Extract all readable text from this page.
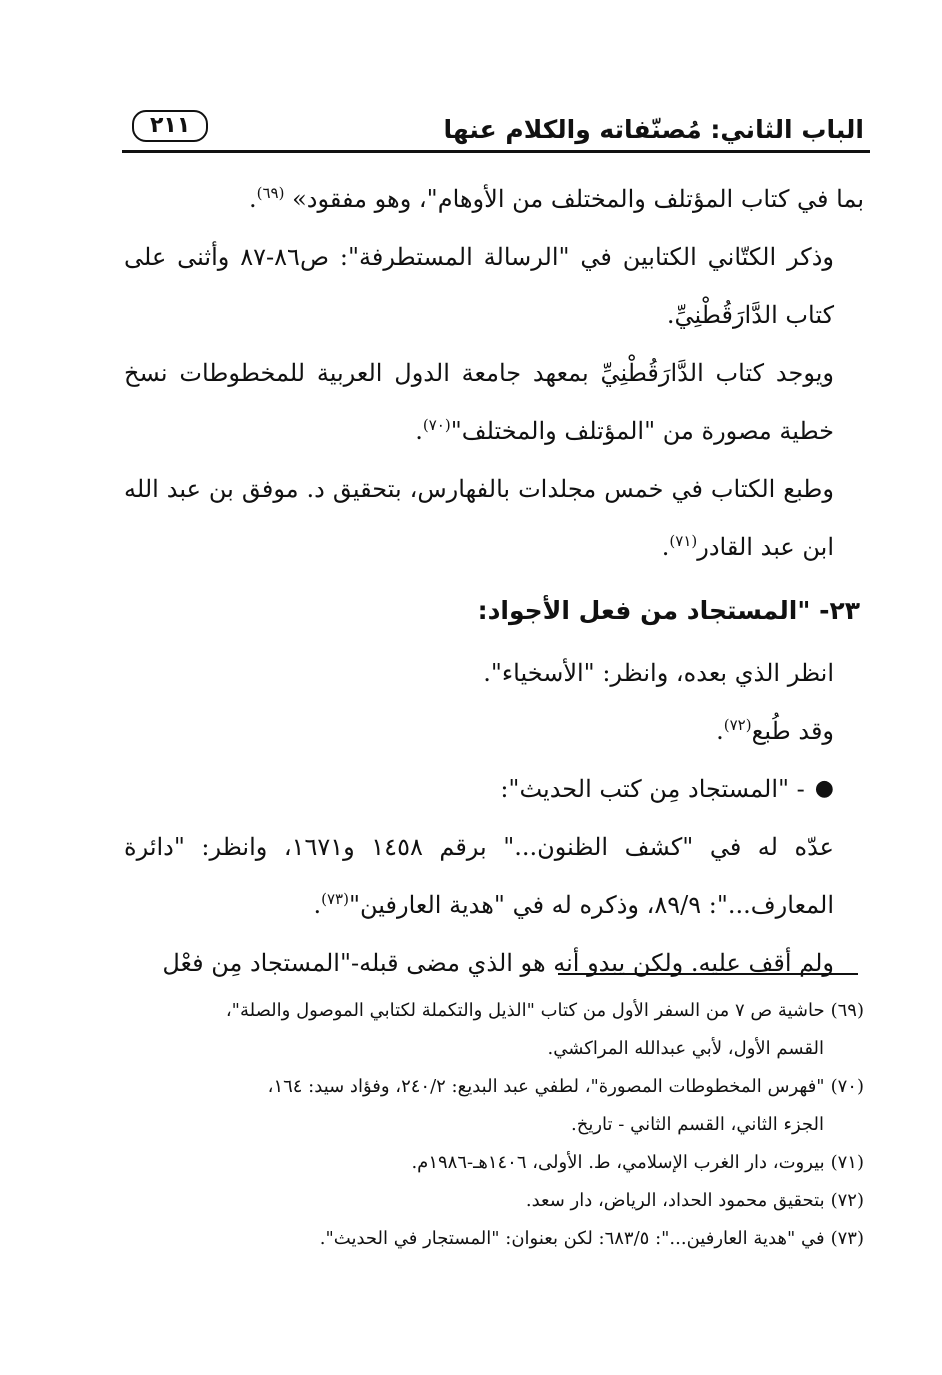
الباب الثاني: مُصنّفاته والكلام عنها
٢١١

بما في كتاب المؤتلف والمختلف من الأوهام"، وهو مفقود» $^{(٦٩)}$.

وذكر الكتّاني الكتابين في "الرسالة المستطرفة": ص٨٦-٨٧ وأثنى على كتاب الدَّارَقُطْنِيِّ.

ويوجد كتاب الدَّارَقُطْنِيِّ بمعهد جامعة الدول العربية للمخطوطات نسخ خطية مصورة من "المؤتلف والمختلف"$^{(٧٠)}$.

وطبع الكتاب في خمس مجلدات بالفهارس، بتحقيق د. موفق بن عبد الله ابن عبد القادر$^{(٧١)}$.

٢٣- "المستجاد من فعل الأجواد:

انظر الذي بعده، وانظر: "الأسخياء".

وقد طُبع$^{(٧٢)}$.

●
- "المستجاد مِن كتب الحديث":

عدّه له في "كشف الظنون..." برقم ١٤٥٨ و١٦٧١، وانظر: "دائرة المعارف...": ٨٩/٩، وذكره له في "هدية العارفين"$^{(٧٣)}$.

ولم أقف عليه. ولكن يبدو أنه هو الذي مضى قبله-"المستجاد مِن فعْل

(٦٩)حاشية ص ٧ من السفر الأول من كتاب "الذيل والتكملة لكتابي الموصول والصلة"،

القسم الأول، لأبي عبدالله المراكشي.

(٧٠)"فهرس المخطوطات المصورة"، لطفي عبد البديع: ٢٤٠/٢، وفؤاد سيد: ١٦٤،

الجزء الثاني، القسم الثاني - تاريخ.

(٧١)بيروت، دار الغرب الإسلامي، ط. الأولى، ١٤٠٦هـ-١٩٨٦م.

(٧٢)بتحقيق محمود الحداد، الرياض، دار سعد.

(٧٣)في "هدية العارفين...": ٦٨٣/٥: لكن بعنوان: "المستجار في الحديث".
